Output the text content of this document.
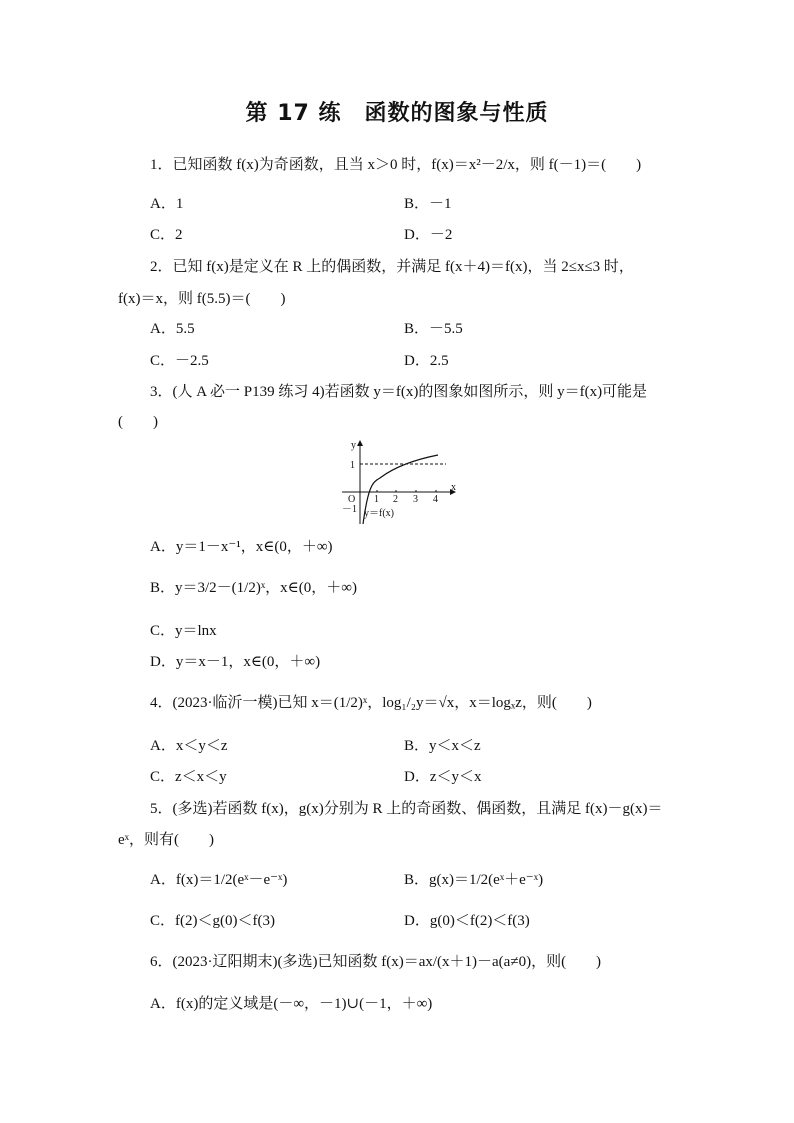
第 17 练　函数的图象与性质
1．已知函数 f(x)为奇函数，且当 x＞0 时，f(x)＝x²－2/x，则 f(－1)＝(　　)
A．1	B．－1
C．2	D．－2
2．已知 f(x)是定义在 R 上的偶函数，并满足 f(x＋4)＝f(x)，当 2≤x≤3 时，
f(x)＝x，则 f(5.5)＝(　　)
A．5.5	B．－5.5
C．－2.5	D．2.5
3．(人 A 必一 P139 练习 4)若函数 y＝f(x)的图象如图所示，则 y＝f(x)可能是
(　　)
y
x
O 1 2 3 4
1
－1 y＝f(x)
A．y＝1－x⁻¹，x∈(0，＋∞)
B．y＝3/2－(1/2)ˣ，x∈(0，＋∞)
C．y＝lnx
D．y＝x－1，x∈(0，＋∞)
4．(2023·临沂一模)已知 x＝(1/2)ˣ，log₁/₂y＝√x，x＝logₓz，则(　　)
A．x＜y＜z	B．y＜x＜z
C．z＜x＜y	D．z＜y＜x
5．(多选)若函数 f(x)，g(x)分别为 R 上的奇函数、偶函数，且满足 f(x)－g(x)＝
eˣ，则有(　　)
A．f(x)＝1/2(eˣ－e⁻ˣ)	B．g(x)＝1/2(eˣ＋e⁻ˣ)
C．f(2)＜g(0)＜f(3)	D．g(0)＜f(2)＜f(3)
6．(2023·辽阳期末)(多选)已知函数 f(x)＝ax/(x＋1)－a(a≠0)，则(　　)
A．f(x)的定义域是(－∞，－1)∪(－1，＋∞)
